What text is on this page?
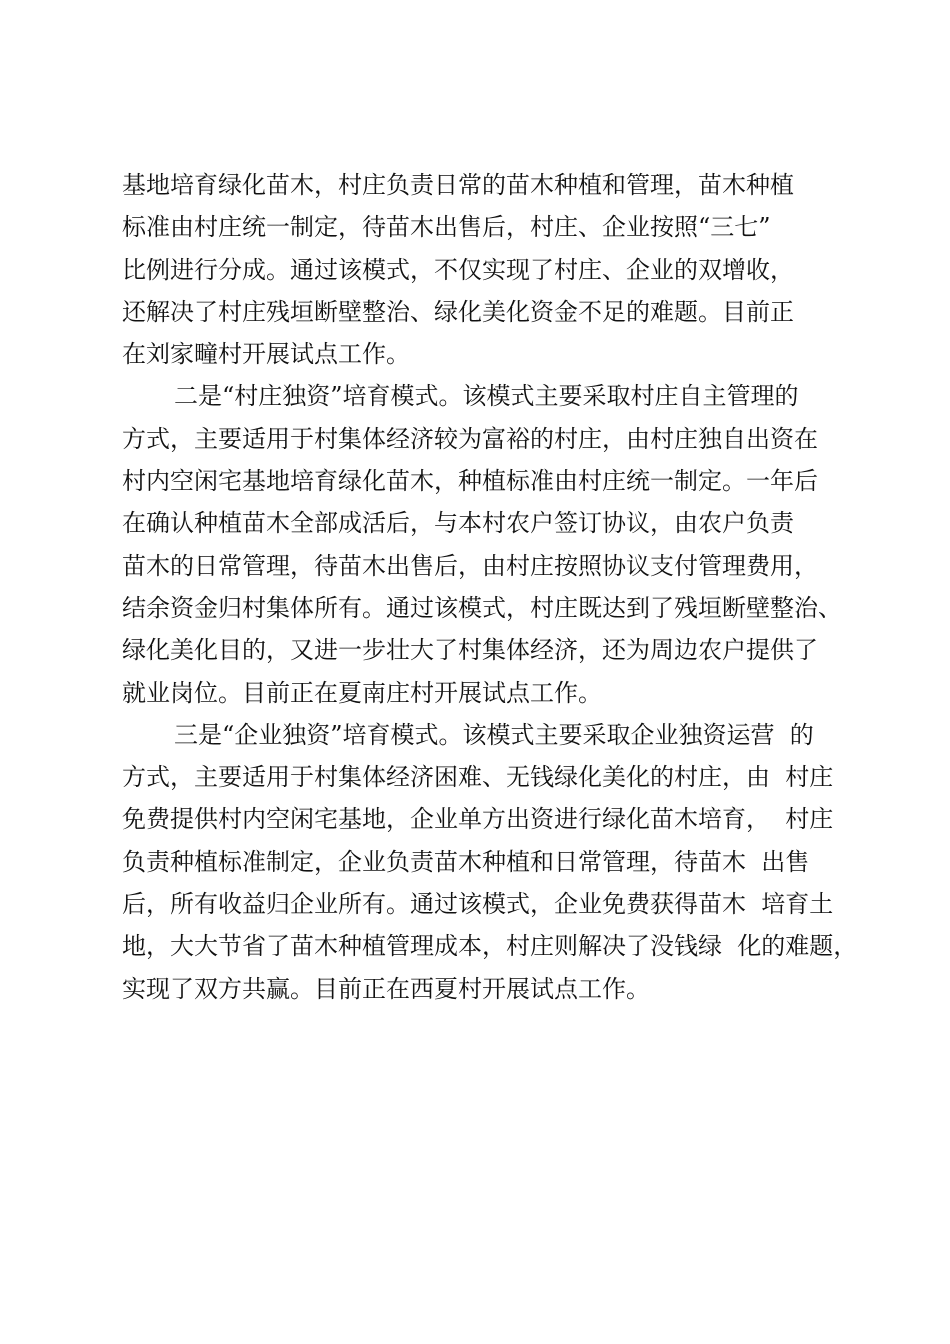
基地培育绿化苗木，村庄负责日常的苗木种植和管理，苗木种植
标准由村庄统一制定，待苗木出售后，村庄、企业按照“三七”
比例进行分成。通过该模式，不仅实现了村庄、企业的双增收，
还解决了村庄残垣断壁整治、绿化美化资金不足的难题。目前正
在刘家疃村开展试点工作。
二是“村庄独资”培育模式。该模式主要采取村庄自主管理的
方式，主要适用于村集体经济较为富裕的村庄，由村庄独自出资在
村内空闲宅基地培育绿化苗木，种植标准由村庄统一制定。一年后
在确认种植苗木全部成活后，与本村农户签订协议，由农户负责
苗木的日常管理，待苗木出售后，由村庄按照协议支付管理费用，
结余资金归村集体所有。通过该模式，村庄既达到了残垣断壁整治、
绿化美化目的，又进一步壮大了村集体经济，还为周边农户提供了
就业岗位。目前正在夏南庄村开展试点工作。
三是“企业独资”培育模式。该模式主要采取企业独资运营  的
方式，主要适用于村集体经济困难、无钱绿化美化的村庄，由  村庄
免费提供村内空闲宅基地，企业单方出资进行绿化苗木培育，  村庄
负责种植标准制定，企业负责苗木种植和日常管理，待苗木  出售
后，所有收益归企业所有。通过该模式，企业免费获得苗木  培育土
地，大大节省了苗木种植管理成本，村庄则解决了没钱绿  化的难题，
实现了双方共赢。目前正在西夏村开展试点工作。
